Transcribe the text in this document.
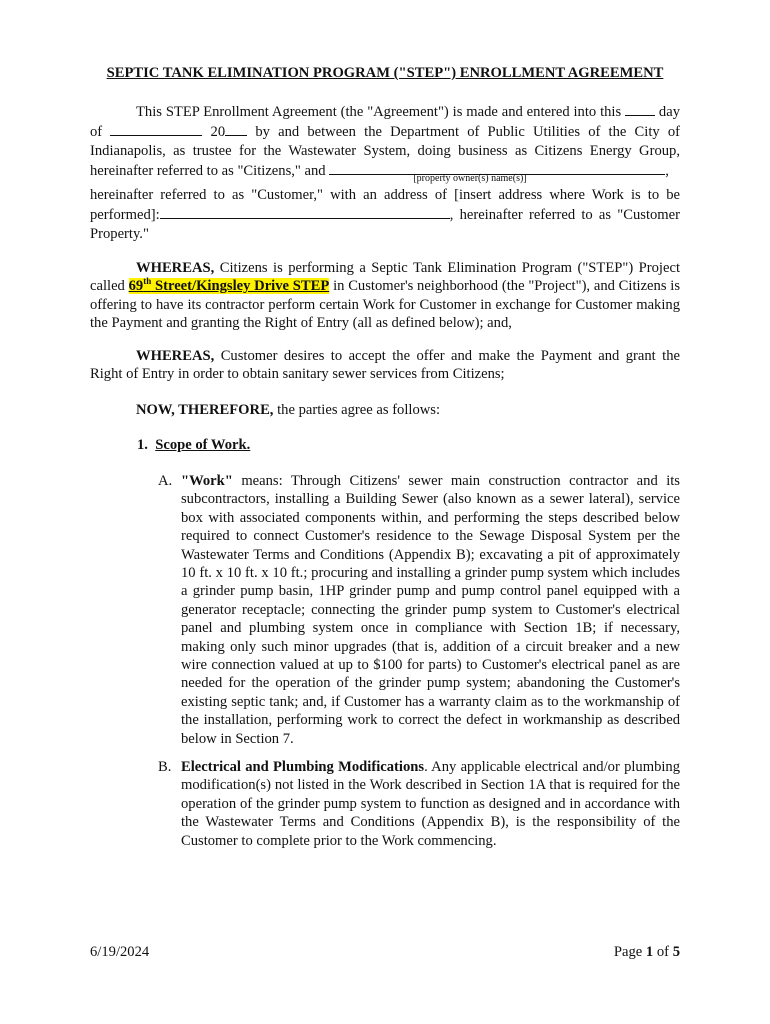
SEPTIC TANK ELIMINATION PROGRAM ("STEP") ENROLLMENT AGREEMENT
This STEP Enrollment Agreement (the "Agreement") is made and entered into this	day of	20 by and between the Department of Public Utilities of the City of Indianapolis, as trustee for the Wastewater System, doing business as Citizens Energy Group, hereinafter referred to as "Citizens," and	,
[property owner(s) name(s)]
hereinafter referred to as "Customer," with an address of [insert address where Work is to be performed]:	, hereinafter referred to as "Customer Property."
WHEREAS, Citizens is performing a Septic Tank Elimination Program ("STEP") Project called 69th Street/Kingsley Drive STEP in Customer's neighborhood (the "Project"), and Citizens is offering to have its contractor perform certain Work for Customer in exchange for Customer making the Payment and granting the Right of Entry (all as defined below); and,
WHEREAS, Customer desires to accept the offer and make the Payment and grant the Right of Entry in order to obtain sanitary sewer services from Citizens;
NOW, THEREFORE, the parties agree as follows:
1. Scope of Work.
A. "Work" means: Through Citizens' sewer main construction contractor and its subcontractors, installing a Building Sewer (also known as a sewer lateral), service box with associated components within, and performing the steps described below required to connect Customer's residence to the Sewage Disposal System per the Wastewater Terms and Conditions (Appendix B); excavating a pit of approximately 10 ft. x 10 ft. x 10 ft.; procuring and installing a grinder pump system which includes a grinder pump basin, 1HP grinder pump and pump control panel equipped with a generator receptacle; connecting the grinder pump system to Customer's electrical panel and plumbing system once in compliance with Section 1B; if necessary, making only such minor upgrades (that is, addition of a circuit breaker and a new wire connection valued at up to $100 for parts) to Customer's electrical panel as are needed for the operation of the grinder pump system; abandoning the Customer's existing septic tank; and, if Customer has a warranty claim as to the workmanship of the installation, performing work to correct the defect in workmanship as described below in Section 7.
B. Electrical and Plumbing Modifications. Any applicable electrical and/or plumbing modification(s) not listed in the Work described in Section 1A that is required for the operation of the grinder pump system to function as designed and in accordance with the Wastewater Terms and Conditions (Appendix B), is the responsibility of the Customer to complete prior to the Work commencing.
6/19/2024	Page 1 of 5
